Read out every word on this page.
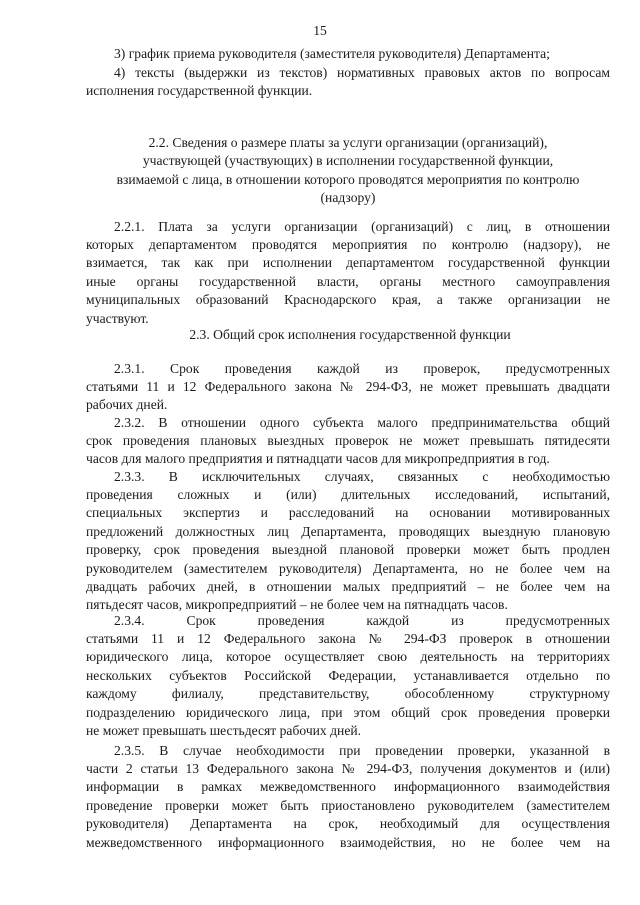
15
3) график приема руководителя (заместителя руководителя) Департамента;
4) тексты (выдержки из текстов) нормативных правовых актов по вопросам
исполнения государственной функции.
2.2. Сведения о размере платы за услуги организации (организаций),
участвующей (участвующих) в исполнении государственной функции,
взимаемой с лица, в отношении которого проводятся мероприятия по контролю
(надзору)
2.2.1. Плата за услуги организации (организаций) с лиц, в отношении
которых департаментом проводятся мероприятия по контролю (надзору), не
взимается, так как при исполнении департаментом государственной функции
иные органы государственной власти, органы местного самоуправления
муниципальных образований Краснодарского края, а также организации не
участвуют.
2.3. Общий срок исполнения государственной функции
2.3.1. Срок проведения каждой из проверок, предусмотренных
статьями 11 и 12 Федерального закона № 294-ФЗ, не может превышать двадцати
рабочих дней.
2.3.2. В отношении одного субъекта малого предпринимательства общий
срок проведения плановых выездных проверок не может превышать пятидесяти
часов для малого предприятия и пятнадцати часов для микропредприятия в год.
2.3.3. В исключительных случаях, связанных с необходимостью
проведения сложных и (или) длительных исследований, испытаний,
специальных экспертиз и расследований на основании мотивированных
предложений должностных лиц Департамента, проводящих выездную плановую
проверку, срок проведения выездной плановой проверки может быть продлен
руководителем (заместителем руководителя) Департамента, но не более чем на
двадцать рабочих дней, в отношении малых предприятий – не более чем на
пятьдесят часов, микропредприятий – не более чем на пятнадцать часов.
2.3.4. Срок проведения каждой из предусмотренных
статьями 11 и 12 Федерального закона № 294-ФЗ проверок в отношении
юридического лица, которое осуществляет свою деятельность на территориях
нескольких субъектов Российской Федерации, устанавливается отдельно по
каждому филиалу, представительству, обособленному структурному
подразделению юридического лица, при этом общий срок проведения проверки
не может превышать шестьдесят рабочих дней.
2.3.5. В случае необходимости при проведении проверки, указанной в
части 2 статьи 13 Федерального закона № 294-ФЗ, получения документов и (или)
информации в рамках межведомственного информационного взаимодействия
проведение проверки может быть приостановлено руководителем (заместителем
руководителя) Департамента на срок, необходимый для осуществления
межведомственного информационного взаимодействия, но не более чем на
